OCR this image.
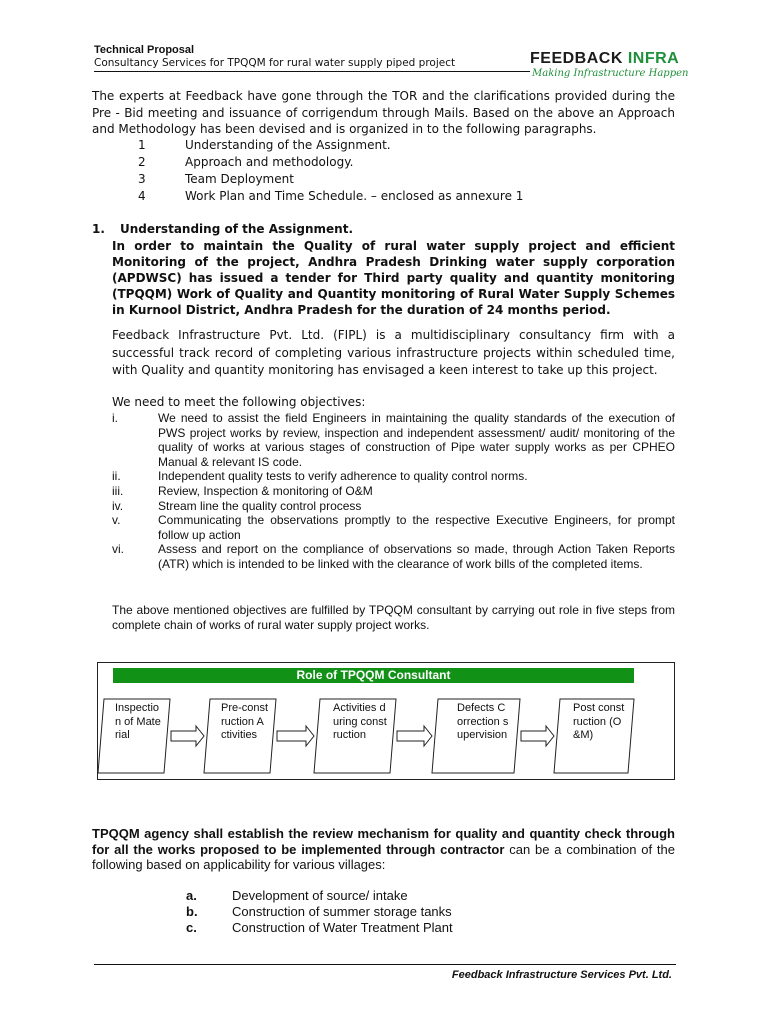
Technical Proposal
Consultancy Services for TPQQM for rural water supply piped project	FEEDBACK INFRA
Making Infrastructure Happen
The experts at Feedback have gone through the TOR and the clarifications provided during the Pre - Bid meeting and issuance of corrigendum through Mails. Based on the above an Approach and Methodology has been devised and is organized in to the following paragraphs.
1	Understanding of the Assignment.
2	Approach and methodology.
3	Team Deployment
4	Work Plan and Time Schedule. – enclosed as annexure 1
1. Understanding of the Assignment.
In order to maintain the Quality of rural water supply project and efficient Monitoring of the project, Andhra Pradesh Drinking water supply corporation (APDWSC) has issued a tender for Third party quality and quantity monitoring (TPQQM) Work of Quality and Quantity monitoring of Rural Water Supply Schemes in Kurnool District, Andhra Pradesh for the duration of 24 months period.
Feedback Infrastructure Pvt. Ltd. (FIPL) is a multidisciplinary consultancy firm with a successful track record of completing various infrastructure projects within scheduled time, with Quality and quantity monitoring has envisaged a keen interest to take up this project.
We need to meet the following objectives:
i.	We need to assist the field Engineers in maintaining the quality standards of the execution of PWS project works by review, inspection and independent assessment/ audit/ monitoring of the quality of works at various stages of construction of Pipe water supply works as per CPHEO Manual & relevant IS code.
ii.	Independent quality tests to verify adherence to quality control norms.
iii.	Review, Inspection & monitoring of O&M
iv.	Stream line the quality control process
v.	Communicating the observations promptly to the respective Executive Engineers, for prompt follow up action
vi.	Assess and report on the compliance of observations so made, through Action Taken Reports (ATR) which is intended to be linked with the clearance of work bills of the completed items.
The above mentioned objectives are fulfilled by TPQQM consultant by carrying out role in five steps from complete chain of works of rural water supply project works.
Role of TPQQM Consultant
Inspection of Material
Pre-construction Activities
Activities during construction
Defects Correction supervision
Post construction (O&M)
TPQQM agency shall establish the review mechanism for quality and quantity check through for all the works proposed to be implemented through contractor can be a combination of the following based on applicability for various villages:
a.	Development of source/ intake
b.	Construction of summer storage tanks
c.	Construction of Water Treatment Plant
Feedback Infrastructure Services Pvt. Ltd.
